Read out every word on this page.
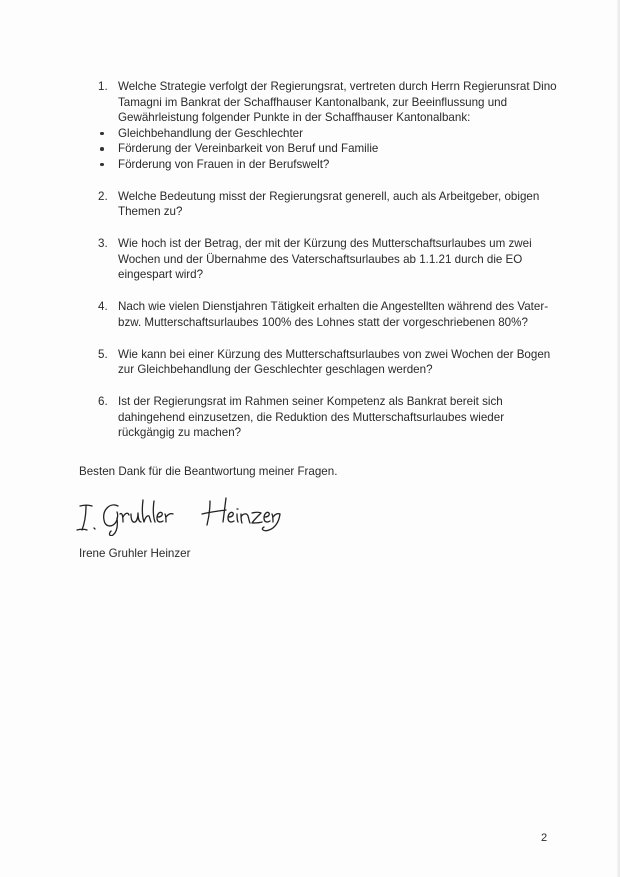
1. Welche Strategie verfolgt der Regierungsrat, vertreten durch Herrn Regierunsrat Dino Tamagni im Bankrat der Schaffhauser Kantonalbank, zur Beeinflussung und Gewährleistung folgender Punkte in der Schaffhauser Kantonalbank:
Gleichbehandlung der Geschlechter
Förderung der Vereinbarkeit von Beruf und Familie
Förderung von Frauen in der Berufswelt?
2. Welche Bedeutung misst der Regierungsrat generell, auch als Arbeitgeber, obigen Themen zu?
3. Wie hoch ist der Betrag, der mit der Kürzung des Mutterschaftsurlaubes um zwei Wochen und der Übernahme des Vaterschaftsurlaubes ab 1.1.21 durch die EO eingespart wird?
4. Nach wie vielen Dienstjahren Tätigkeit erhalten die Angestellten während des Vater- bzw. Mutterschaftsurlaubes 100% des Lohnes statt der vorgeschriebenen 80%?
5. Wie kann bei einer Kürzung des Mutterschaftsurlaubes von zwei Wochen der Bogen zur Gleichbehandlung der Geschlechter geschlagen werden?
6. Ist der Regierungsrat im Rahmen seiner Kompetenz als Bankrat bereit sich dahingehend einzusetzen, die Reduktion des Mutterschaftsurlaubes wieder rückgängig zu machen?
Besten Dank für die Beantwortung meiner Fragen.
Irene Gruhler Heinzer
2
